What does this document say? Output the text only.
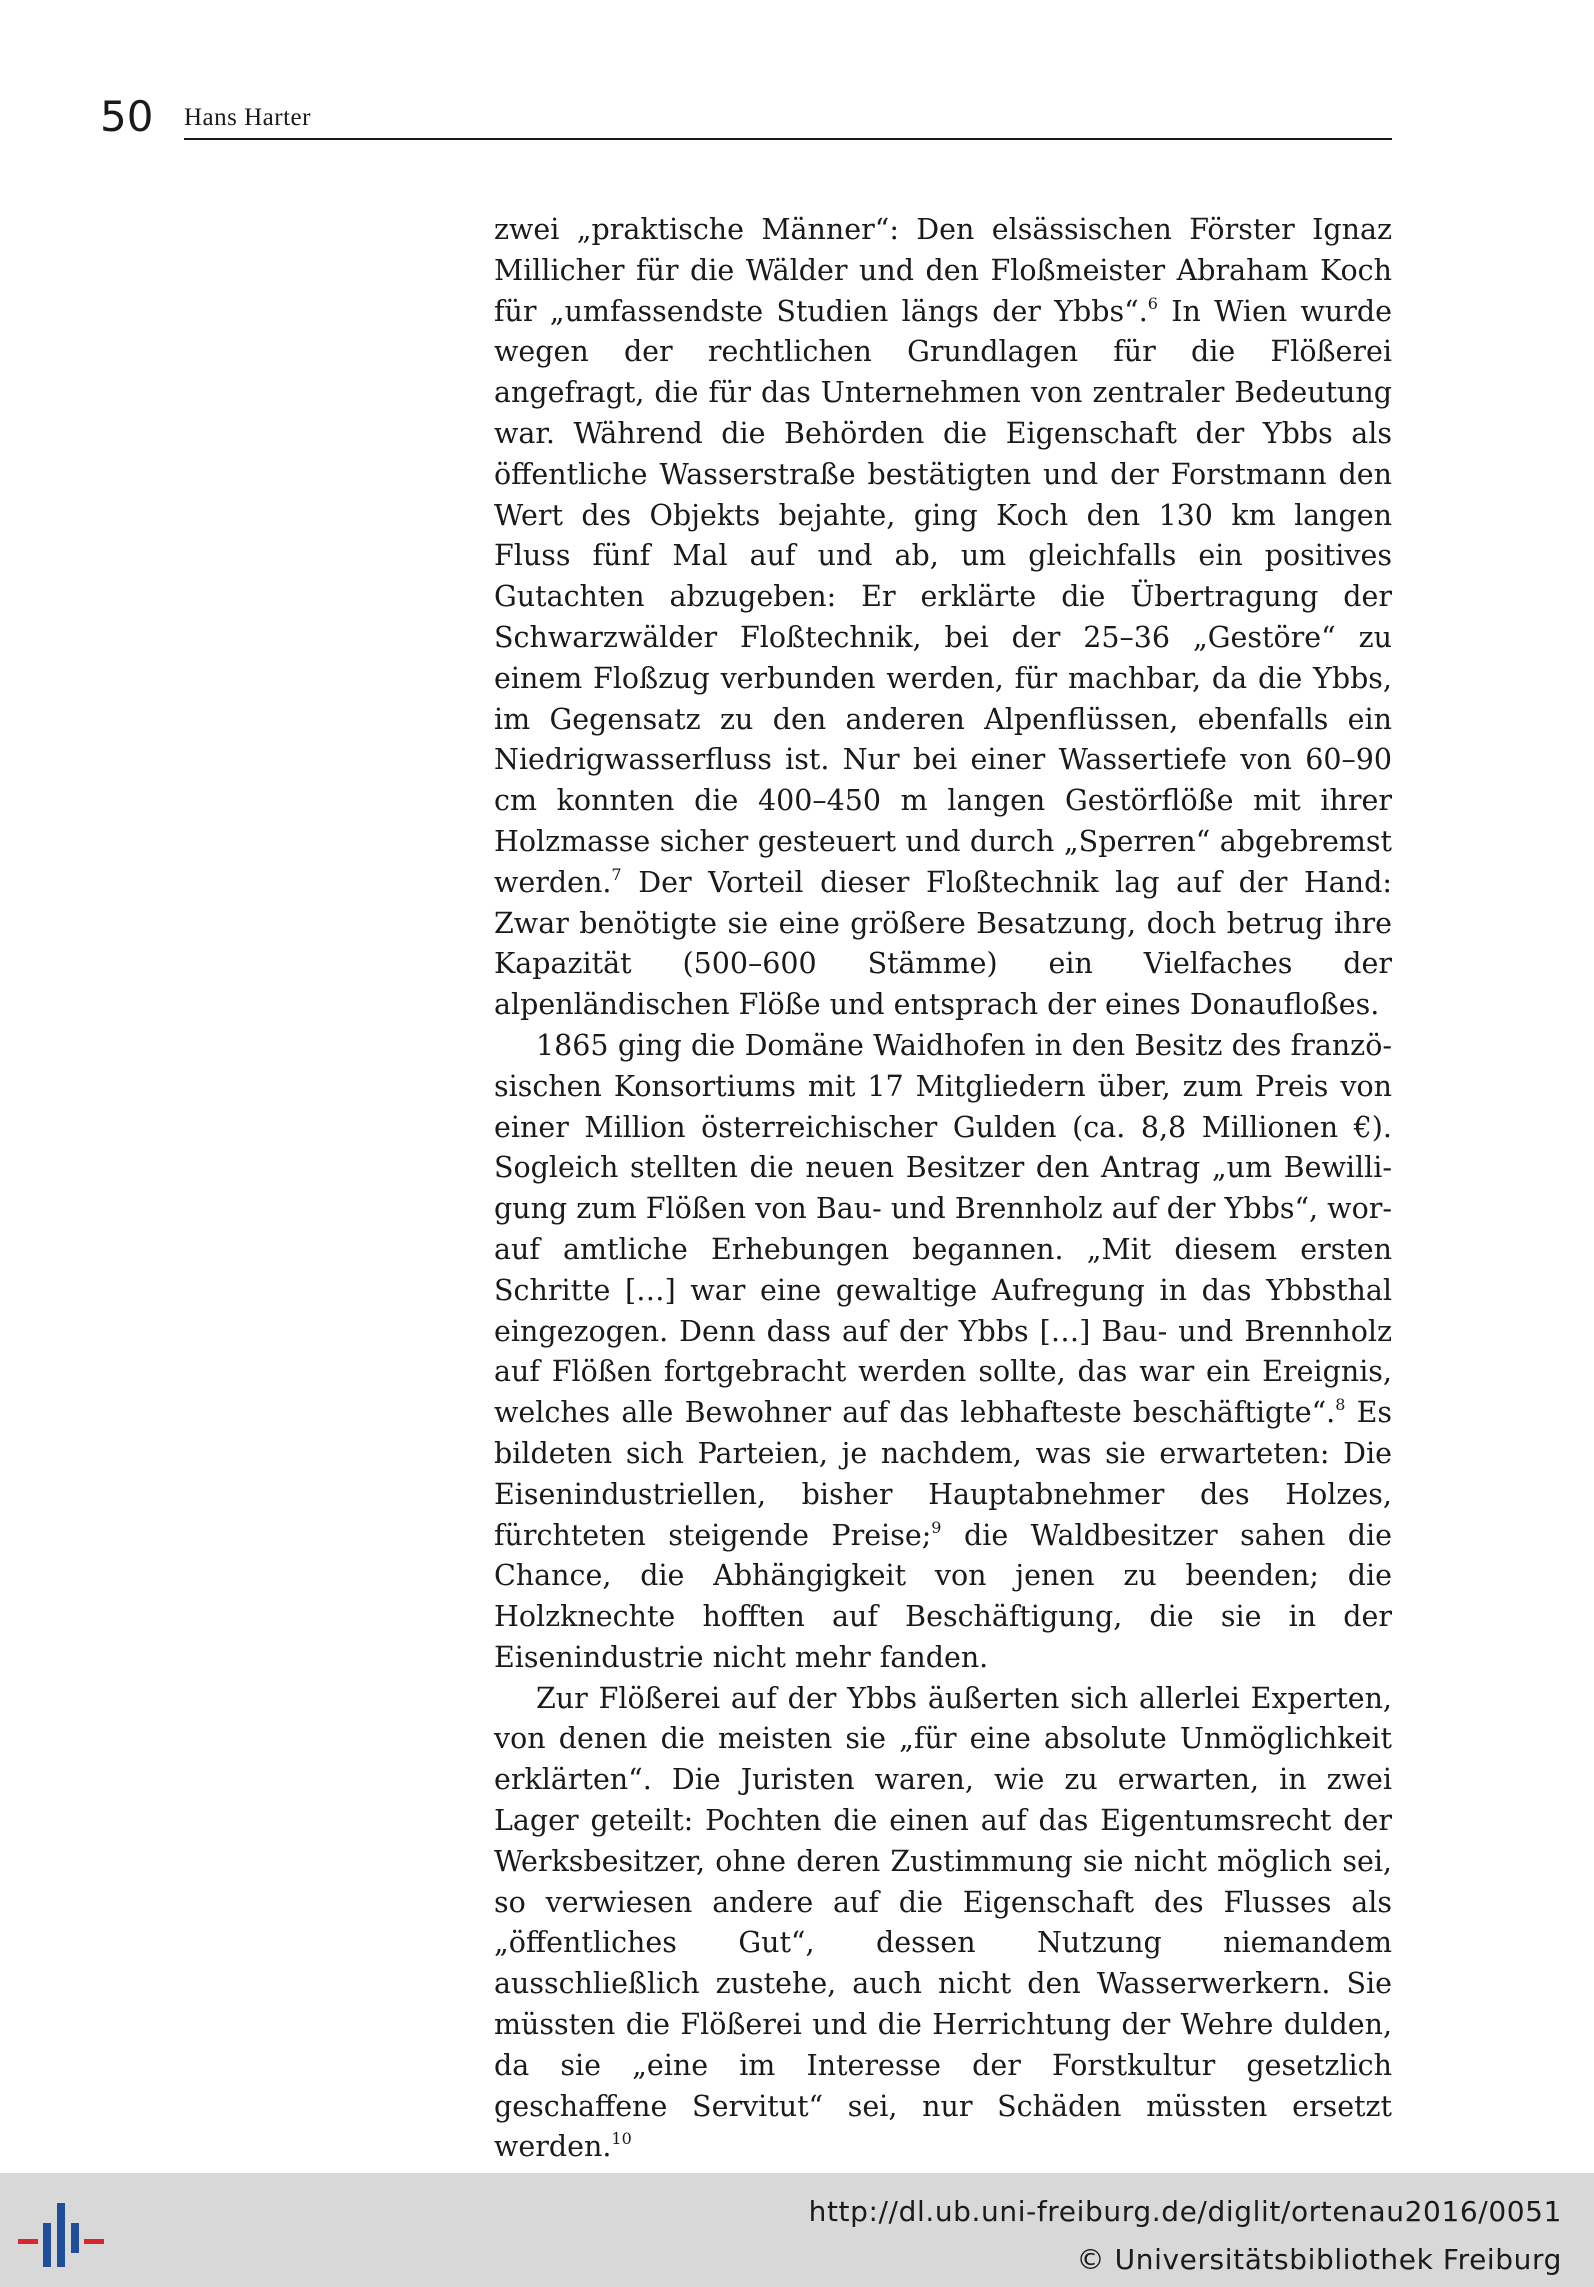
50 Hans Harter

zwei „praktische Männer“: Den elsässischen Förster Ignaz Millicher für die Wälder und den Floßmeister Abraham Koch für „umfassendste Studien längs der Ybbs“.$^6$ In Wien wurde wegen der rechtlichen Grundlagen für die Flößerei angefragt, die für das Unternehmen von zentraler Bedeutung war. Während die Behörden die Eigenschaft der Ybbs als öffentliche Wasserstraße bestätigten und der Forstmann den Wert des Objekts bejahte, ging Koch den 130 km langen Fluss fünf Mal auf und ab, um gleichfalls ein positives Gutachten abzugeben: Er erklärte die Übertragung der Schwarzwälder Floßtechnik, bei der 25–36 „Gestöre“ zu einem Floßzug verbunden werden, für machbar, da die Ybbs, im Gegensatz zu den anderen Alpenflüssen, ebenfalls ein Niedrigwasserfluss ist. Nur bei einer Wassertiefe von 60–90 cm konnten die 400–450 m langen Gestörflöße mit ihrer Holzmasse sicher gesteuert und durch „Sperren“ abgebremst werden.$^7$ Der Vorteil dieser Floßtechnik lag auf der Hand: Zwar benötigte sie eine größere Besatzung, doch betrug ihre Kapazität (500–600 Stämme) ein Vielfaches der alpenländischen Flöße und entsprach der eines Donaufloßes.

1865 ging die Domäne Waidhofen in den Besitz des französischen Konsortiums mit 17 Mitgliedern über, zum Preis von einer Million österreichischer Gulden (ca. 8,8 Millionen €). Sogleich stellten die neuen Besitzer den Antrag „um Bewilligung zum Flößen von Bau- und Brennholz auf der Ybbs“, worauf amtliche Erhebungen begannen. „Mit diesem ersten Schritte […] war eine gewaltige Aufregung in das Ybbsthal eingezogen. Denn dass auf der Ybbs […] Bau- und Brennholz auf Flößen fortgebracht werden sollte, das war ein Ereignis, welches alle Bewohner auf das lebhafteste beschäftigte“.$^8$ Es bildeten sich Parteien, je nachdem, was sie erwarteten: Die Eisenindustriellen, bisher Hauptabnehmer des Holzes, fürchteten steigende Preise;$^9$ die Waldbesitzer sahen die Chance, die Abhängigkeit von jenen zu beenden; die Holzknechte hofften auf Beschäftigung, die sie in der Eisenindustrie nicht mehr fanden.

Zur Flößerei auf der Ybbs äußerten sich allerlei Experten, von denen die meisten sie „für eine absolute Unmöglichkeit erklärten“. Die Juristen waren, wie zu erwarten, in zwei Lager geteilt: Pochten die einen auf das Eigentumsrecht der Werksbesitzer, ohne deren Zustimmung sie nicht möglich sei, so verwiesen andere auf die Eigenschaft des Flusses als „öffentliches Gut“, dessen Nutzung niemandem ausschließlich zustehe, auch nicht den Wasserwerkern. Sie müssten die Flößerei und die Herrichtung der Wehre dulden, da sie „eine im Interesse der Forstkultur gesetzlich geschaffene Servitut“ sei, nur Schäden müssten ersetzt werden.$^{10}$

http://dl.ub.uni-freiburg.de/diglit/ortenau2016/0051
© Universitätsbibliothek Freiburg
